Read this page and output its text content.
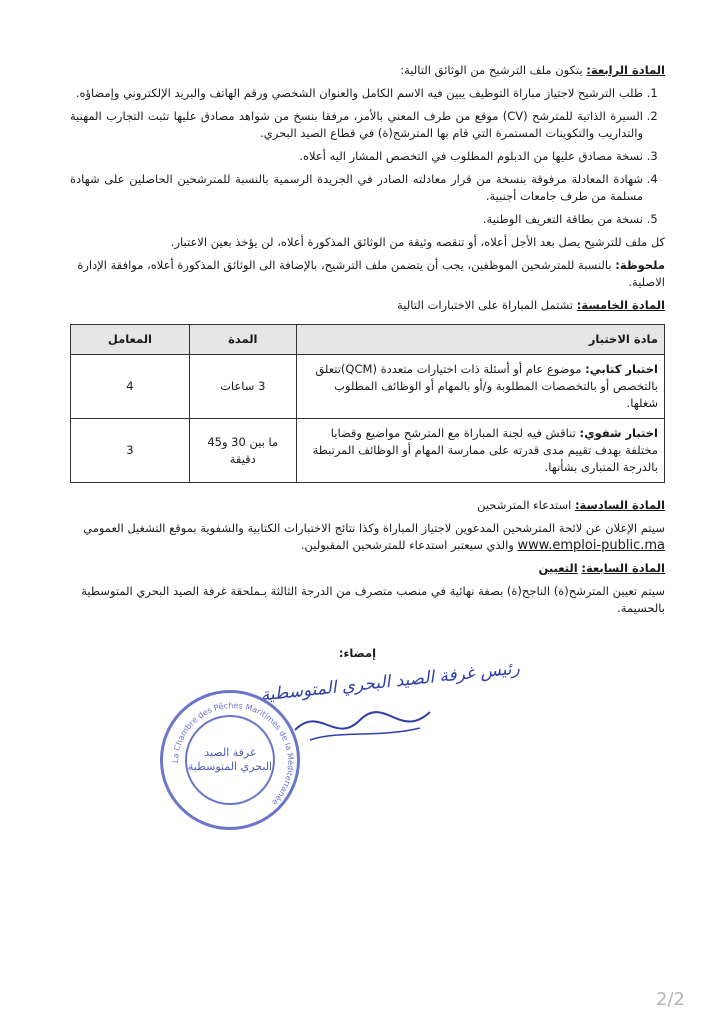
المادة الرابعة: يتكون ملف الترشيح من الوثائق التالية:
1. طلب الترشيح لاجتياز مباراة التوظيف يبين فيه الاسم الكامل والعنوان الشخصي ورقم الهاتف والبريد الإلكتروني وإمضاؤه.
2. السيرة الذاتية للمترشح (CV) موقع من طرف المعني بالأمر، مرفقا بنسخ من شواهد مصادق عليها تثبت التجارب المهنية والتداريب والتكوينات المستمرة التي قام بها المترشح(ة) في قطاع الصيد البحري.
3. نسخة مصادق عليها من الدبلوم المطلوب في التخصص المشار اليه أعلاه.
4. شهادة المعادلة مرفوقة بنسخة من قرار معادلته الصادر في الجريدة الرسمية بالنسبة للمترشحين الحاصلين على شهادة مسلمة من طرف جامعات أجنبية.
5. نسخة من بطاقة التعريف الوطنية.
كل ملف للترشيح يصل بعد الأجل أعلاه، أو تنقصه وثيقة من الوثائق المذكورة أعلاه، لن يؤخذ بعين الاعتبار.
ملحوظة: بالنسبة للمترشحين الموظفين، يجب أن يتضمن ملف الترشيح، بالإضافة الى الوثائق المذكورة أعلاه، موافقة الإدارة الاصلية.
المادة الخامسة: تشتمل المباراة على الاختبارات التالية
مادة الاختبار	المدة	المعامل
اختبار كتابي: موضوع عام أو أسئلة ذات اختيارات متعددة (QCM)تتعلق بالتخصص أو بالتخصصات المطلوبة و/أو بالمهام أو الوظائف المطلوب شغلها.	3 ساعات	4
اختبار شفوي: تناقش فيه لجنة المباراة مع المترشح مواضيع وقضايا مختلفة بهدف تقييم مدى قدرته على ممارسة المهام أو الوظائف المرتبطة بالدرجة المتبارى بشأنها.	ما بين 30 و45 دقيقة	3
المادة السادسة: استدعاء المترشحين
سيتم الإعلان عن لائحة المترشحين المدعوين لاجتياز المباراة وكذا نتائج الاختبارات الكتابية والشفوية بموقع التشغيل العمومي www.emploi-public.ma والذي سيعتبر استدعاء للمترشحين المقبولين.
المادة السابعة: التعيين
سيتم تعيين المترشح(ة) الناجح(ة) بصفة نهائية في منصب متصرف من الدرجة الثالثة بـملحقة غرفة الصيد البحري المتوسطية بالحسيمة.
إمضاء:
رئيس غرفة الصيد البحري المتوسطية
La Chambre des Pêches Maritimes de la Méditerranée
غرفة الصيد البحري المتوسطية
2/2
